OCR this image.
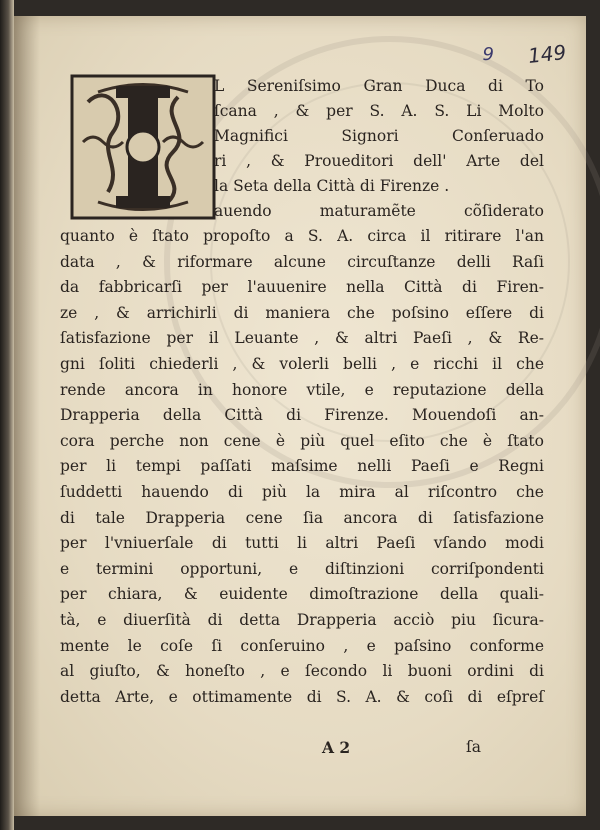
9 149
L Sereniſsimo Gran Duca di To
ſcana , & per S. A. S. Li Molto
Magnifici Signori Conſeruado
ri , & Proueditori dell' Arte del
la Seta della Città di Firenze .
auendo maturamẽte cõſiderato
quanto è ſtato propoſto a S. A. circa il ritirare l'an
data , & riformare alcune circuſtanze delli Raſi
da fabbricarſi per l'auuenire nella Città di Firen-
ze , & arrichirli di maniera che poſsino eſſere di
ſatisfazione per il Leuante , & altri Paeſi , & Re-
gni ſoliti chiederli , & volerli belli , e ricchi il che
rende ancora in honore vtile, e reputazione della
Drapperia della Città di Firenze. Mouendoſi an-
cora perche non cene è più quel eſito che è ſtato
per li tempi paſſati maſsime nelli Paeſi e Regni
ſuddetti hauendo di più la mira al riſcontro che
di tale Drapperia cene ſia ancora di ſatisfazione
per l'vniuerſale di tutti li altri Paeſi vſando modi
e termini opportuni, e diſtinzioni corriſpondenti
per chiara, & euidente dimoſtrazione della quali-
tà, e diuerſità di detta Drapperia acciò piu ſicura-
mente le coſe ſi conſeruino , e paſsino conforme
al giuſto, & honeſto , e ſecondo li buoni ordini di
detta Arte, e ottimamente di S. A. & coſi di eſpreſ
A 2	ſa
